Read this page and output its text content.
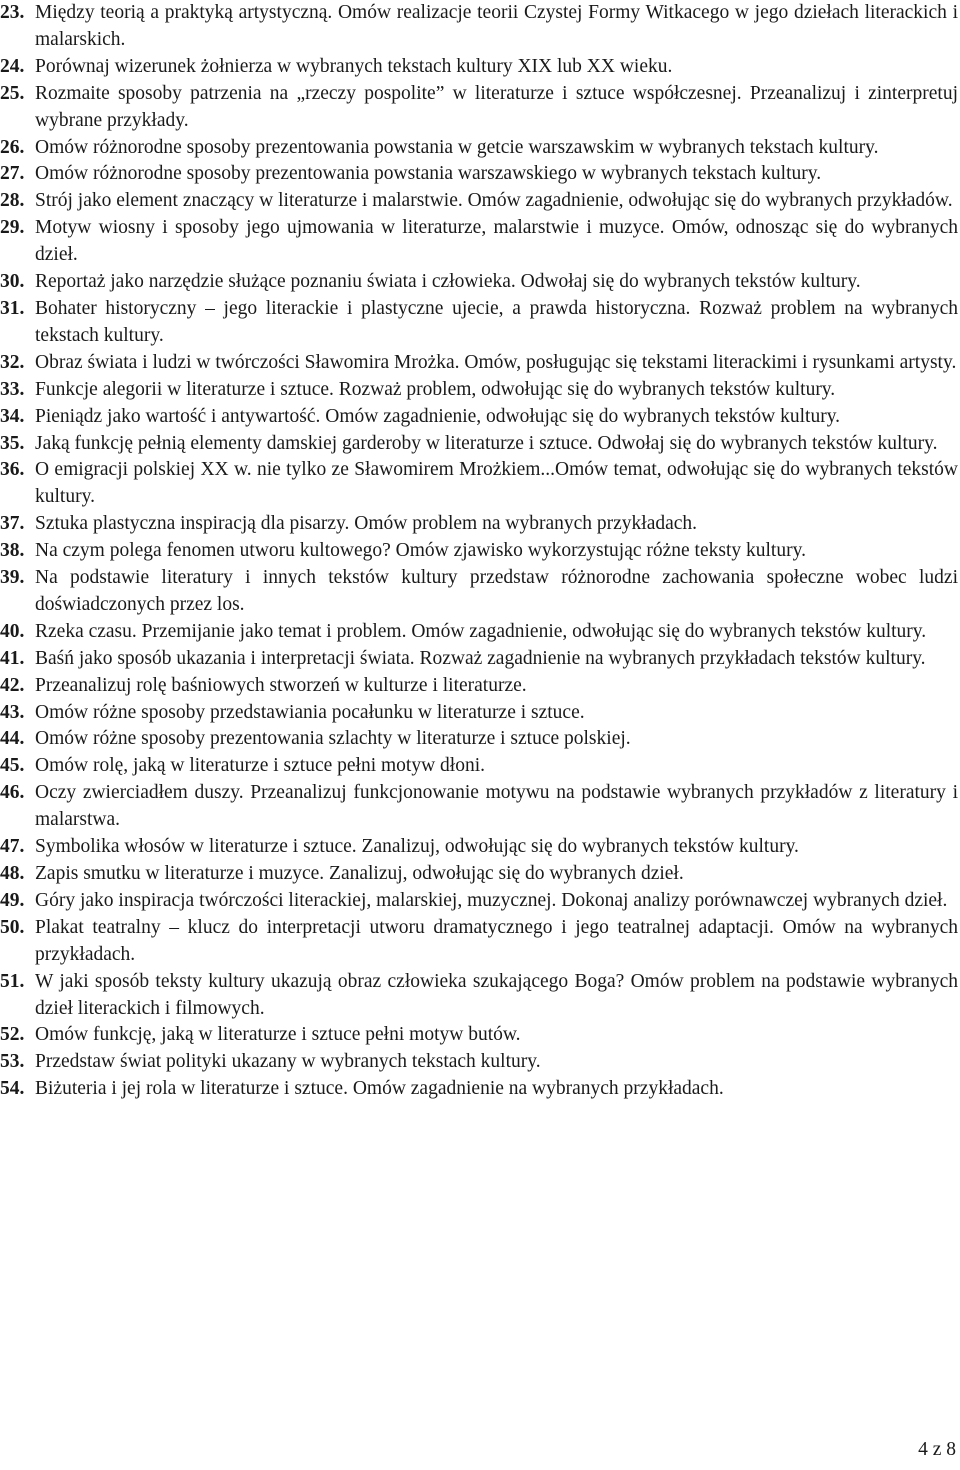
23. Między teorią a praktyką artystyczną. Omów realizacje teorii Czystej Formy Witkacego w jego dziełach literackich i malarskich.
24. Porównaj wizerunek żołnierza w wybranych tekstach kultury XIX lub XX wieku.
25. Rozmaite sposoby patrzenia na „rzeczy pospolite” w literaturze i sztuce współczesnej. Przeanalizuj i zinterpretuj wybrane przykłady.
26. Omów różnorodne sposoby prezentowania powstania w getcie warszawskim w wybranych tekstach kultury.
27. Omów różnorodne sposoby prezentowania powstania warszawskiego w wybranych tekstach kultury.
28. Strój jako element znaczący w literaturze i malarstwie. Omów zagadnienie, odwołując się do wybranych przykładów.
29. Motyw wiosny i sposoby jego ujmowania w literaturze, malarstwie i muzyce. Omów, odnosząc się do wybranych dzieł.
30. Reportaż jako narzędzie służące poznaniu świata i człowieka. Odwołaj się do wybranych tekstów kultury.
31. Bohater historyczny – jego literackie i plastyczne ujecie, a prawda historyczna. Rozważ problem na wybranych tekstach kultury.
32. Obraz świata i ludzi w twórczości Sławomira Mrożka. Omów, posługując się tekstami literackimi i rysunkami artysty.
33. Funkcje alegorii w literaturze i sztuce. Rozważ problem, odwołując się do wybranych tekstów kultury.
34. Pieniądz jako wartość i antywartość. Omów zagadnienie, odwołując się do wybranych tekstów kultury.
35. Jaką funkcję pełnią elementy damskiej garderoby w literaturze i sztuce. Odwołaj się do wybranych tekstów kultury.
36. O emigracji polskiej XX w. nie tylko ze Sławomirem Mrożkiem...Omów temat, odwołując się do wybranych tekstów kultury.
37. Sztuka plastyczna inspiracją dla pisarzy. Omów problem na wybranych przykładach.
38. Na czym polega fenomen utworu kultowego? Omów zjawisko wykorzystując różne teksty kultury.
39. Na podstawie literatury i innych tekstów kultury przedstaw różnorodne zachowania społeczne wobec ludzi doświadczonych przez los.
40. Rzeka czasu. Przemijanie jako temat i problem. Omów zagadnienie, odwołując się do wybranych tekstów kultury.
41. Baśń jako sposób ukazania i interpretacji świata. Rozważ zagadnienie na wybranych przykładach tekstów kultury.
42. Przeanalizuj rolę baśniowych stworzeń w kulturze i literaturze.
43. Omów różne sposoby przedstawiania pocałunku w literaturze i sztuce.
44. Omów różne sposoby prezentowania szlachty w literaturze i sztuce polskiej.
45. Omów rolę, jaką w literaturze i sztuce pełni motyw dłoni.
46. Oczy zwierciadłem duszy. Przeanalizuj funkcjonowanie motywu na podstawie wybranych przykładów z literatury i malarstwa.
47. Symbolika włosów w literaturze i sztuce. Zanalizuj, odwołując się do wybranych tekstów kultury.
48. Zapis smutku w literaturze i muzyce. Zanalizuj, odwołując się do wybranych dzieł.
49. Góry jako inspiracja twórczości literackiej, malarskiej, muzycznej. Dokonaj analizy porównawczej wybranych dzieł.
50. Plakat teatralny – klucz do interpretacji utworu dramatycznego i jego teatralnej adaptacji. Omów na wybranych przykładach.
51. W jaki sposób teksty kultury ukazują obraz człowieka szukającego Boga? Omów problem na podstawie wybranych dzieł literackich i filmowych.
52. Omów funkcję, jaką w literaturze i sztuce pełni motyw butów.
53. Przedstaw świat polityki ukazany w wybranych tekstach kultury.
54. Biżuteria i jej rola w literaturze i sztuce. Omów zagadnienie na wybranych przykładach.
4 z 8
